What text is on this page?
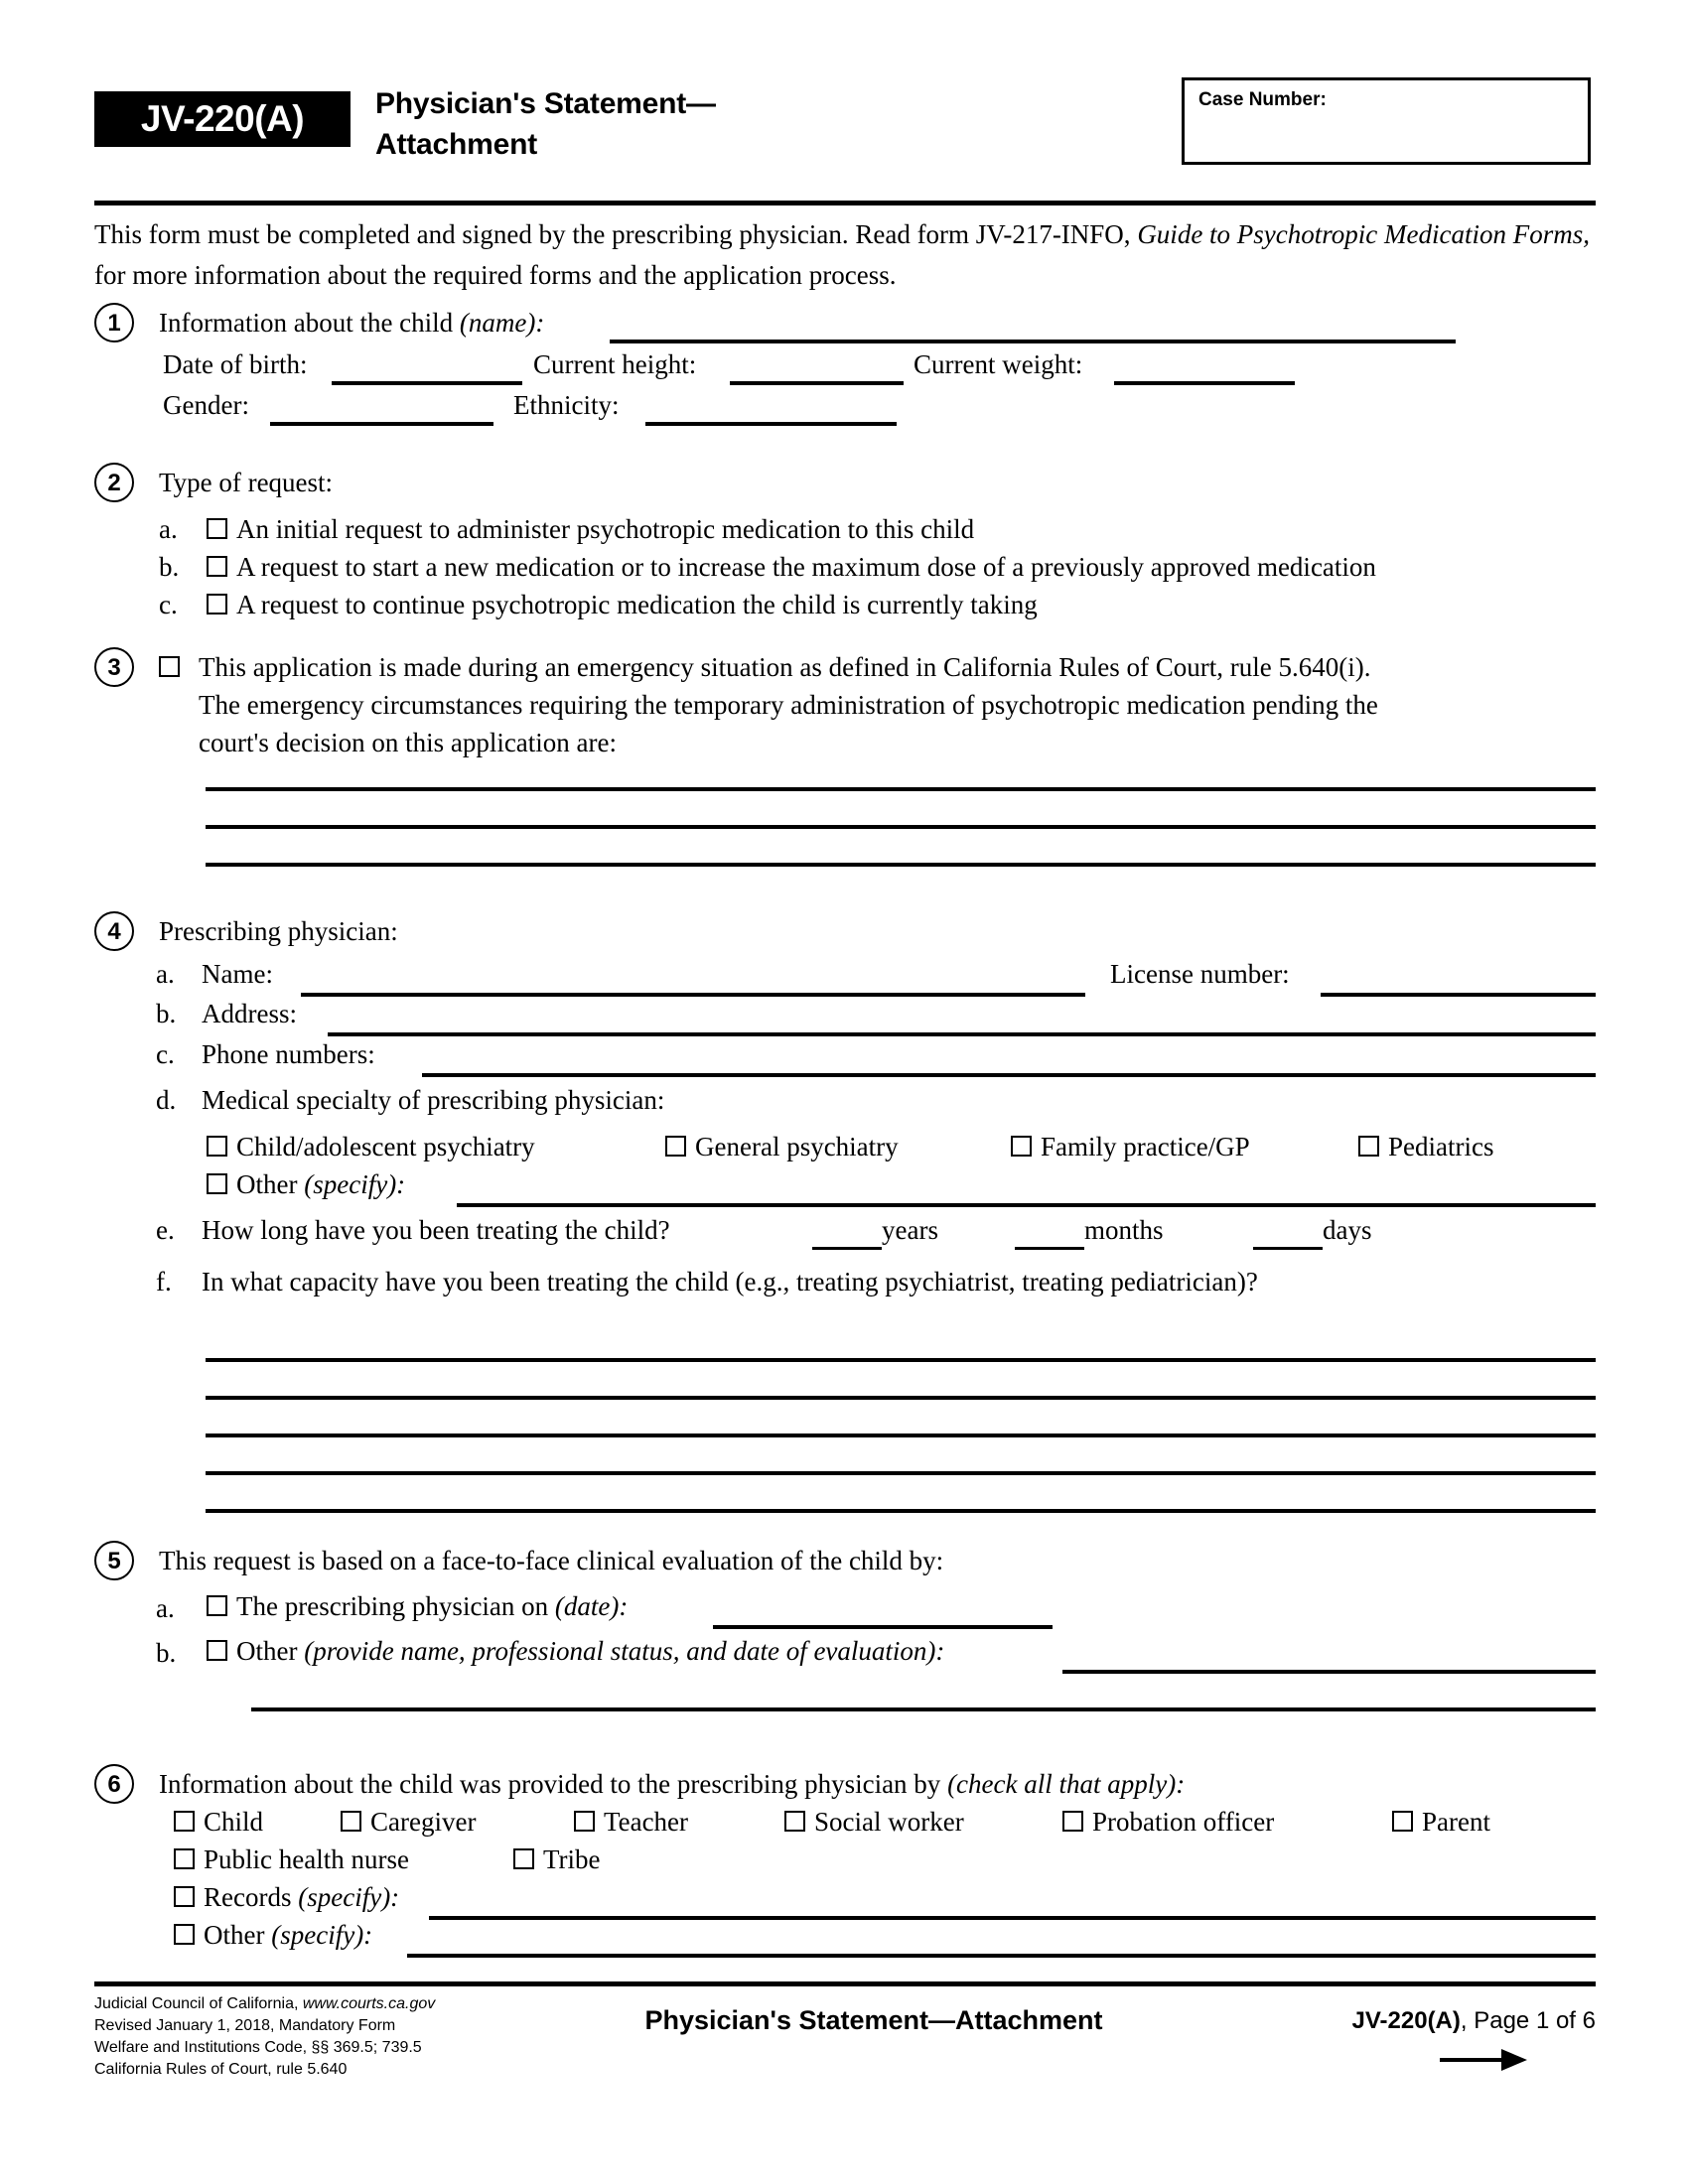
JV-220(A)	Physician's Statement—
Attachment
Case Number:
This form must be completed and signed by the prescribing physician. Read form JV-217-INFO, Guide to Psychotropic Medication Forms, for more information about the required forms and the application process.
1	Information about the child (name):
Date of birth:	Current height:	Current weight:
Gender:	Ethnicity:
2	Type of request:
a.	An initial request to administer psychotropic medication to this child
b.	A request to start a new medication or to increase the maximum dose of a previously approved medication
c.	A request to continue psychotropic medication the child is currently taking
3	This application is made during an emergency situation as defined in California Rules of Court, rule 5.640(i).
The emergency circumstances requiring the temporary administration of psychotropic medication pending the
court's decision on this application are:
4	Prescribing physician:
a. Name:	License number:
b. Address:
c. Phone numbers:
d. Medical specialty of prescribing physician:
Child/adolescent psychiatry	General psychiatry	Family practice/GP	Pediatrics
Other (specify):
e. How long have you been treating the child?	years	months	days
f. In what capacity have you been treating the child (e.g., treating psychiatrist, treating pediatrician)?
5	This request is based on a face-to-face clinical evaluation of the child by:
a.	The prescribing physician on (date):
b.	Other (provide name, professional status, and date of evaluation):
6	Information about the child was provided to the prescribing physician by (check all that apply):
Child	Caregiver	Teacher	Social worker	Probation officer	Parent
Public health nurse	Tribe
Records (specify):
Other (specify):
Judicial Council of California, www.courts.ca.gov
Revised January 1, 2018, Mandatory Form
Welfare and Institutions Code, §§ 369.5; 739.5
California Rules of Court, rule 5.640
Physician's Statement—Attachment	JV-220(A), Page 1 of 6
